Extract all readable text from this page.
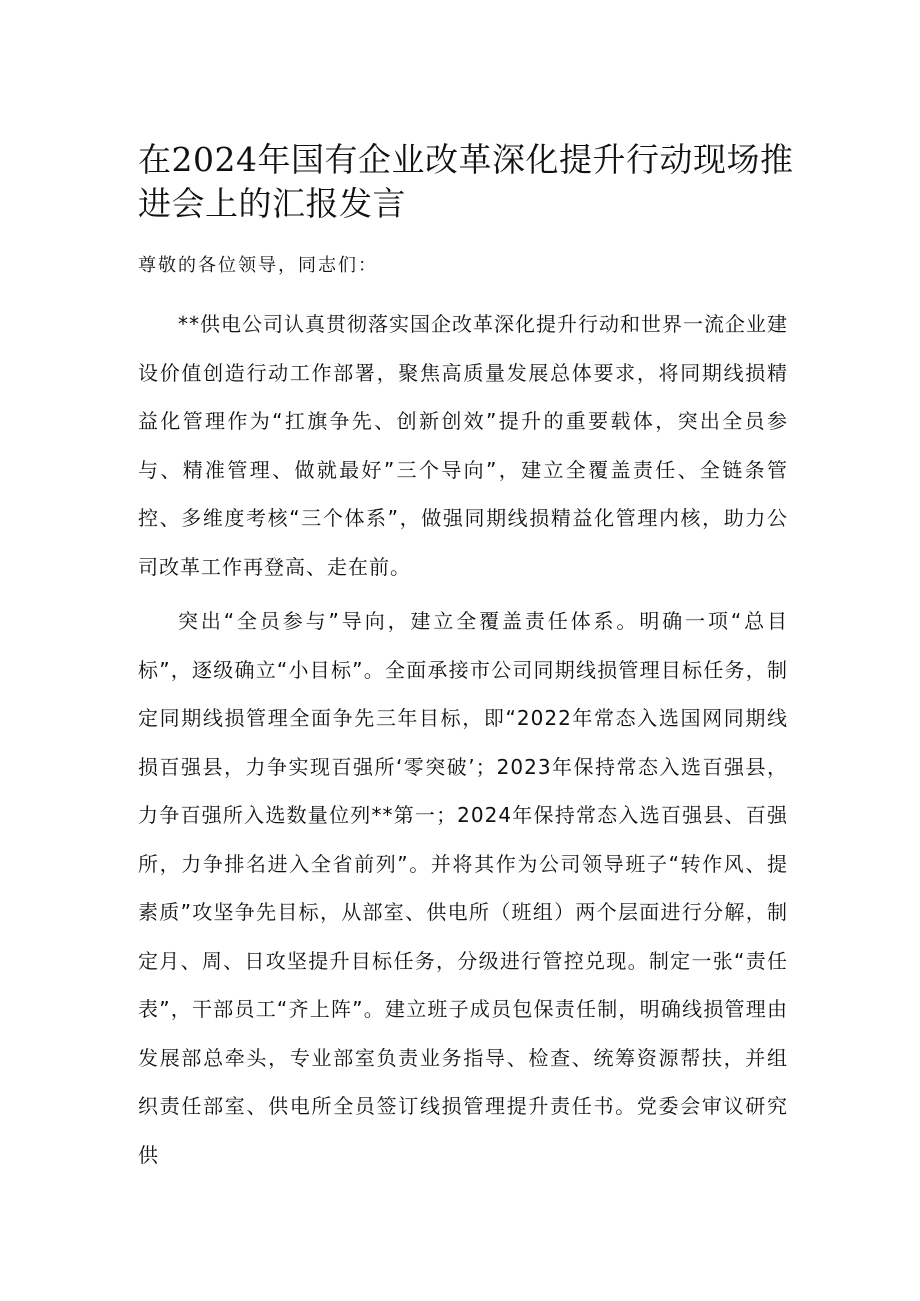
在2024年国有企业改革深化提升行动现场推进会上的汇报发言
尊敬的各位领导，同志们：
**供电公司认真贯彻落实国企改革深化提升行动和世界一流企业建设价值创造行动工作部署，聚焦高质量发展总体要求，将同期线损精益化管理作为“扛旗争先、创新创效”提升的重要载体，突出全员参与、精准管理、做就最好”三个导向”，建立全覆盖责任、全链条管控、多维度考核“三个体系”，做强同期线损精益化管理内核，助力公司改革工作再登高、走在前。
突出“全员参与”导向，建立全覆盖责任体系。明确一项“总目标”，逐级确立“小目标”。全面承接市公司同期线损管理目标任务，制定同期线损管理全面争先三年目标，即“2022年常态入选国网同期线损百强县，力争实现百强所‘零突破’；2023年保持常态入选百强县，力争百强所入选数量位列**第一；2024年保持常态入选百强县、百强所，力争排名进入全省前列”。并将其作为公司领导班子“转作风、提素质”攻坚争先目标，从部室、供电所（班组）两个层面进行分解，制定月、周、日攻坚提升目标任务，分级进行管控兑现。制定一张“责任表”，干部员工“齐上阵”。建立班子成员包保责任制，明确线损管理由发展部总牵头，专业部室负责业务指导、检查、统筹资源帮扶，并组织责任部室、供电所全员签订线损管理提升责任书。党委会审议研究供
